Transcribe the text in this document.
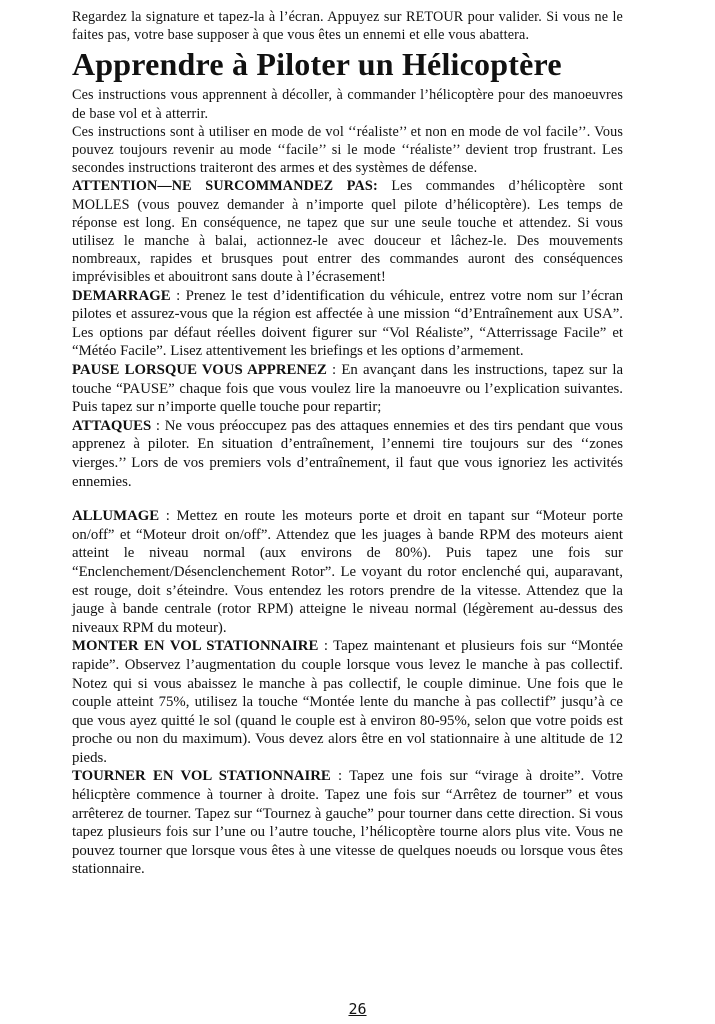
Regardez la signature et tapez-la à l’écran. Appuyez sur RETOUR pour valider. Si vous ne le faites pas, votre base supposer à que vous êtes un ennemi et elle vous abattera.

Apprendre à Piloter un Hélicoptère

Ces instructions vous apprennent à décoller, à commander l’hélicoptère pour des manoeuvres de base vol et à atterrir.

Ces instructions sont à utiliser en mode de vol ‘‘réaliste’’ et non en mode de vol facile’’. Vous pouvez toujours revenir au mode ‘‘facile’’ si le mode ‘‘réaliste’’ devient trop frustrant. Les secondes instructions traiteront des armes et des systèmes de défense.

ATTENTION—NE SURCOMMANDEZ PAS: Les commandes d’hélicoptère sont MOLLES (vous pouvez demander à n’importe quel pilote d’hélicoptère). Les temps de réponse est long. En conséquence, ne tapez que sur une seule touche et attendez. Si vous utilisez le manche à balai, actionnez-le avec douceur et lâchez-le. Des mouvements nombreaux, rapides et brusques pout entrer des commandes auront des conséquences imprévisibles et abouitront sans doute à l’écrasement!

DEMARRAGE : Prenez le test d’identification du véhicule, entrez votre nom sur l’écran pilotes et assurez-vous que la région est affectée à une mission “d’Entraînement aux USA”. Les options par défaut réelles doivent figurer sur “Vol Réaliste”, “Atterrissage Facile” et “Météo Facile”. Lisez attentivement les briefings et les options d’armement.

PAUSE LORSQUE VOUS APPRENEZ : En avançant dans les instructions, tapez sur la touche “PAUSE” chaque fois que vous voulez lire la manoeuvre ou l’explication suivantes. Puis tapez sur n’importe quelle touche pour repartir;

ATTAQUES : Ne vous préoccupez pas des attaques ennemies et des tirs pendant que vous apprenez à piloter. En situation d’entraînement, l’ennemi tire toujours sur des ‘‘zones vierges.’’ Lors de vos premiers vols d’entraînement, il faut que vous ignoriez les activités ennemies.

ALLUMAGE : Mettez en route les moteurs porte et droit en tapant sur “Moteur porte on/off” et “Moteur droit on/off”. Attendez que les juages à bande RPM des moteurs aient atteint le niveau normal (aux environs de 80%). Puis tapez une fois sur “Enclenchement/Désenclenchement Rotor”. Le voyant du rotor enclenché qui, auparavant, est rouge, doit s’éteindre. Vous entendez les rotors prendre de la vitesse. Attendez que la jauge à bande centrale (rotor RPM) atteigne le niveau normal (légèrement au-dessus des niveaux RPM du moteur).

MONTER EN VOL STATIONNAIRE : Tapez maintenant et plusieurs fois sur “Montée rapide”. Observez l’augmentation du couple lorsque vous levez le manche à pas collectif. Notez qui si vous abaissez le manche à pas collectif, le couple diminue. Une fois que le couple atteint 75%, utilisez la touche “Montée lente du manche à pas collectif” jusqu’à ce que vous ayez quitté le sol (quand le couple est à environ 80-95%, selon que votre poids est proche ou non du maximum). Vous devez alors être en vol stationnaire à une altitude de 12 pieds.

TOURNER EN VOL STATIONNAIRE : Tapez une fois sur “virage à droite”. Votre hélicptère commence à tourner à droite. Tapez une fois sur “Arrêtez de tourner” et vous arrêterez de tourner. Tapez sur “Tournez à gauche” pour tourner dans cette direction. Si vous tapez plusieurs fois sur l’une ou l’autre touche, l’hélicoptère tourne alors plus vite. Vous ne pouvez tourner que lorsque vous êtes à une vitesse de quelques noeuds ou lorsque vous êtes stationnaire.

26
